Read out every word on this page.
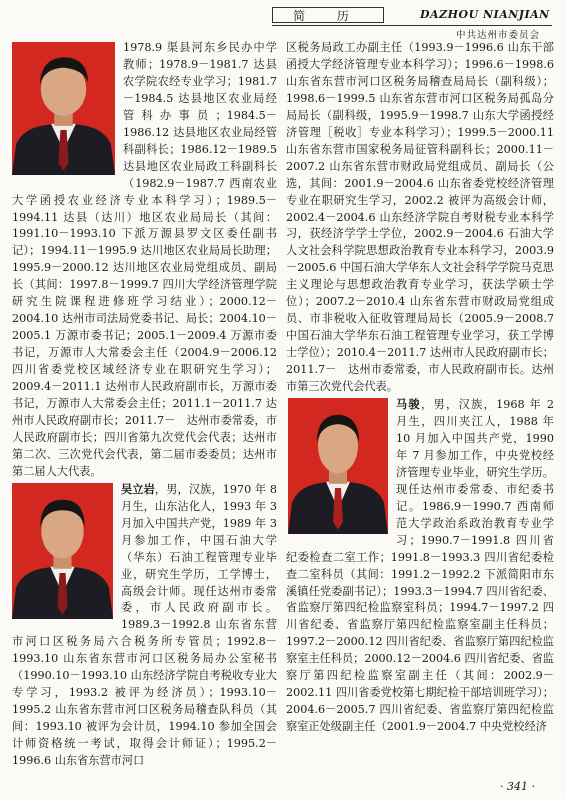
简 历	DAZHOU NIANJIAN
中共达州市委员会

1978.9 渠县河东乡民办中学教师；1978.9－1981.7 达县农学院农经专业学习；1981.7－1984.5 达县地区农业局经管科办事员；1984.5－1986.12 达县地区农业局经管科副科长；1986.12－1989.5 达县地区农业局政工科副科长（1982.9－1987.7 西南农业大学函授农业经济专业本科学习）；1989.5－1994.11 达县（达川）地区农业局局长（其间：1991.10－1993.10 下派万源县罗文区委任副书记）；1994.11－1995.9 达川地区农业局局长助理；1995.9－2000.12 达川地区农业局党组成员、副局长（其间：1997.8－1999.7 四川大学经济管理学院研究生院课程进修班学习结业）；2000.12－2004.10 达州市司法局党委书记、局长；2004.10－2005.1 万源市委书记；2005.1－2009.4 万源市委书记，万源市人大常委会主任（2004.9－2006.12 四川省委党校区域经济专业在职研究生学习）；2009.4－2011.1 达州市人民政府副市长，万源市委书记，万源市人大常委会主任；2011.1－2011.7 达州市人民政府副市长；2011.7－　达州市委常委，市人民政府副市长；四川省第九次党代会代表；达州市第二次、三次党代会代表，第二届市委委员；达州市第二届人大代表。

吴立岩，男，汉族，1970 年 8 月生，山东沾化人，1993 年 3 月加入中国共产党，1989 年 3 月参加工作，中国石油大学（华东）石油工程管理专业毕业，研究生学历，工学博士，高级会计师。现任达州市委常委，市人民政府副市长。1989.3－1992.8 山东省东营市河口区税务局六合税务所专管员；1992.8－1993.10 山东省东营市河口区税务局办公室秘书（1990.10－1993.10 山东经济学院自考税收专业大专学习，1993.2 被评为经济员）；1993.10－1995.2 山东省东营市河口区税务局稽查队科员（其间：1993.10 被评为会计员，1994.10 参加全国会计师资格统一考试，取得会计师证）；1995.2－1996.6 山东省东营市河口

区税务局政工办副主任（1993.9－1996.6 山东干部函授大学经济管理专业本科学习）；1996.6－1998.6 山东省东营市河口区税务局稽查局局长（副科级）；1998.6－1999.5 山东省东营市河口区税务局孤岛分局局长（副科级，1995.9－1998.7 山东大学函授经济管理［税收］专业本科学习）；1999.5－2000.11 山东省东营市国家税务局征管科副科长；2000.11－2007.2 山东省东营市财政局党组成员、副局长（公选，其间：2001.9－2004.6 山东省委党校经济管理专业在职研究生学习，2002.2 被评为高级会计师，2002.4－2004.6 山东经济学院自考财税专业本科学习，获经济学学士学位，2002.9－2004.6 石油大学人文社会科学院思想政治教育专业本科学习，2003.9－2005.6 中国石油大学华东人文社会科学学院马克思主义理论与思想政治教育专业学习，获法学硕士学位）；2007.2－2010.4 山东省东营市财政局党组成员、市非税收入征收管理局局长（2005.9－2008.7 中国石油大学华东石油工程管理专业学习，获工学博士学位）；2010.4－2011.7 达州市人民政府副市长；2011.7－　达州市委常委，市人民政府副市长。达州市第三次党代会代表。

马骏，男，汉族，1968 年 2 月生，四川夹江人，1988 年 10 月加入中国共产党，1990 年 7 月参加工作，中央党校经济管理专业毕业，研究生学历。现任达州市委常委、市纪委书记。1986.9－1990.7 西南师范大学政治系政治教育专业学习；1990.7－1991.8 四川省纪委检查二室工作；1991.8－1993.3 四川省纪委检查二室科员（其间：1991.2－1992.2 下派简阳市东溪镇任党委副书记）；1993.3－1994.7 四川省纪委、省监察厅第四纪检监察室科员；1994.7－1997.2 四川省纪委、省监察厅第四纪检监察室副主任科员；1997.2－2000.12 四川省纪委、省监察厅第四纪检监察室主任科员；2000.12－2004.6 四川省纪委、省监察厅第四纪检监察室副主任（其间：2002.9－2002.11 四川省委党校第七期纪检干部培训班学习）；2004.6－2005.7 四川省纪委、省监察厅第四纪检监察室正处级副主任（2001.9－2004.7 中央党校经济

· 341 ·
